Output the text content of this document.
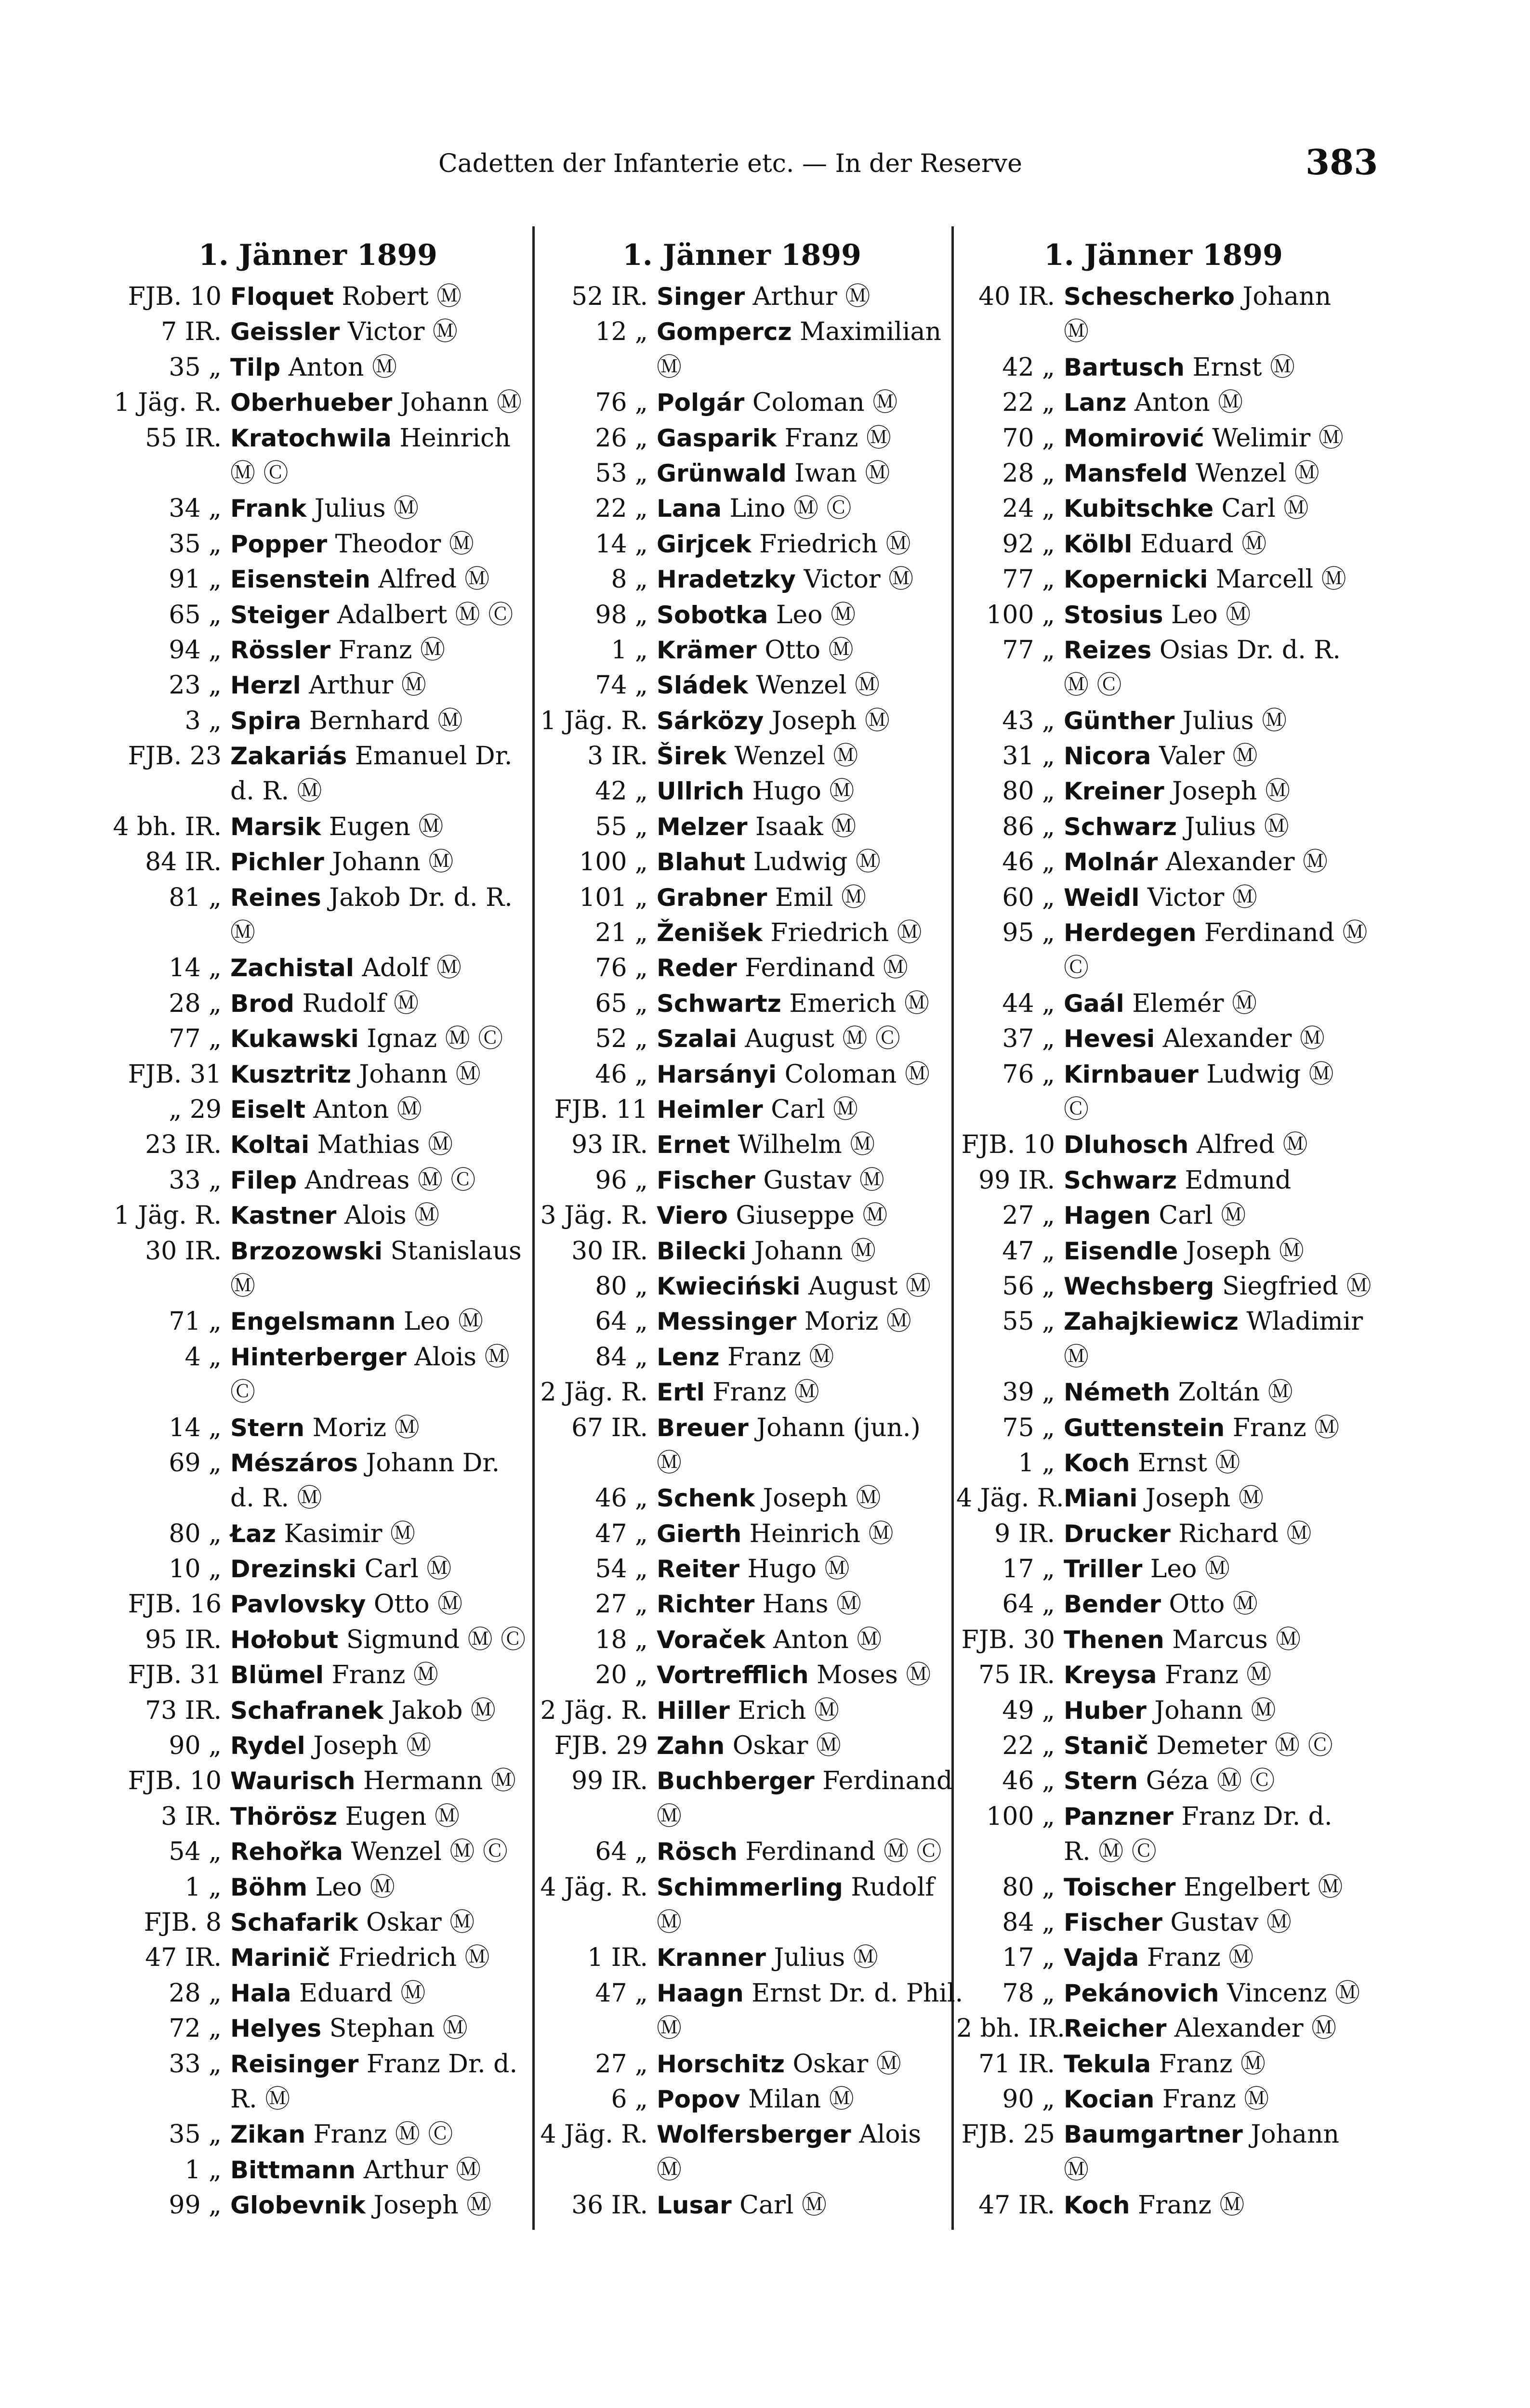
Cadetten der Infanterie etc. — In der Reserve	383
1. Jänner 1899
FJB. 10 Floquet Robert Ⓜ
7 IR. Geissler Victor Ⓜ
35 „ Tilp Anton Ⓜ
1 Jäg. R. Oberhueber Johann Ⓜ
55 IR. Kratochwila Heinrich
Ⓜ Ⓒ
34 „ Frank Julius Ⓜ
35 „ Popper Theodor Ⓜ
91 „ Eisenstein Alfred Ⓜ
65 „ Steiger Adalbert Ⓜ Ⓒ
94 „ Rössler Franz Ⓜ
23 „ Herzl Arthur Ⓜ
3 „ Spira Bernhard Ⓜ
FJB. 23 Zakariás Emanuel Dr.
d. R. Ⓜ
4 bh. IR. Marsik Eugen Ⓜ
84 IR. Pichler Johann Ⓜ
81 „ Reines Jakob Dr. d. R.
Ⓜ
14 „ Zachistal Adolf Ⓜ
28 „ Brod Rudolf Ⓜ
77 „ Kukawski Ignaz Ⓜ Ⓒ
FJB. 31 Kusztritz Johann Ⓜ
„ 29 Eiselt Anton Ⓜ
23 IR. Koltai Mathias Ⓜ
33 „ Filep Andreas Ⓜ Ⓒ
1 Jäg. R. Kastner Alois Ⓜ
30 IR. Brzozowski Stanislaus
Ⓜ
71 „ Engelsmann Leo Ⓜ
4 „ Hinterberger Alois Ⓜ
Ⓒ
14 „ Stern Moriz Ⓜ
69 „ Mészáros Johann Dr.
d. R. Ⓜ
80 „ Łaz Kasimir Ⓜ
10 „ Drezinski Carl Ⓜ
FJB. 16 Pavlovsky Otto Ⓜ
95 IR. Hołobut Sigmund Ⓜ Ⓒ
FJB. 31 Blümel Franz Ⓜ
73 IR. Schafranek Jakob Ⓜ
90 „ Rydel Joseph Ⓜ
FJB. 10 Waurisch Hermann Ⓜ
3 IR. Thörösz Eugen Ⓜ
54 „ Rehořka Wenzel Ⓜ Ⓒ
1 „ Böhm Leo Ⓜ
FJB. 8 Schafarik Oskar Ⓜ
47 IR. Marinič Friedrich Ⓜ
28 „ Hala Eduard Ⓜ
72 „ Helyes Stephan Ⓜ
33 „ Reisinger Franz Dr. d.
R. Ⓜ
35 „ Zikan Franz Ⓜ Ⓒ
1 „ Bittmann Arthur Ⓜ
99 „ Globevnik Joseph Ⓜ
1. Jänner 1899
52 IR. Singer Arthur Ⓜ
12 „ Gompercz Maximilian
Ⓜ
76 „ Polgár Coloman Ⓜ
26 „ Gasparik Franz Ⓜ
53 „ Grünwald Iwan Ⓜ
22 „ Lana Lino Ⓜ Ⓒ
14 „ Girjcek Friedrich Ⓜ
8 „ Hradetzky Victor Ⓜ
98 „ Sobotka Leo Ⓜ
1 „ Krämer Otto Ⓜ
74 „ Sládek Wenzel Ⓜ
1 Jäg. R. Sárközy Joseph Ⓜ
3 IR. Širek Wenzel Ⓜ
42 „ Ullrich Hugo Ⓜ
55 „ Melzer Isaak Ⓜ
100 „ Blahut Ludwig Ⓜ
101 „ Grabner Emil Ⓜ
21 „ Ženišek Friedrich Ⓜ
76 „ Reder Ferdinand Ⓜ
65 „ Schwartz Emerich Ⓜ
52 „ Szalai August Ⓜ Ⓒ
46 „ Harsányi Coloman Ⓜ
FJB. 11 Heimler Carl Ⓜ
93 IR. Ernet Wilhelm Ⓜ
96 „ Fischer Gustav Ⓜ
3 Jäg. R. Viero Giuseppe Ⓜ
30 IR. Bilecki Johann Ⓜ
80 „ Kwieciński August Ⓜ
64 „ Messinger Moriz Ⓜ
84 „ Lenz Franz Ⓜ
2 Jäg. R. Ertl Franz Ⓜ
67 IR. Breuer Johann (jun.)
Ⓜ
46 „ Schenk Joseph Ⓜ
47 „ Gierth Heinrich Ⓜ
54 „ Reiter Hugo Ⓜ
27 „ Richter Hans Ⓜ
18 „ Voraček Anton Ⓜ
20 „ Vortrefflich Moses Ⓜ
2 Jäg. R. Hiller Erich Ⓜ
FJB. 29 Zahn Oskar Ⓜ
99 IR. Buchberger Ferdinand
Ⓜ
64 „ Rösch Ferdinand Ⓜ Ⓒ
4 Jäg. R. Schimmerling Rudolf
Ⓜ
1 IR. Kranner Julius Ⓜ
47 „ Haagn Ernst Dr. d. Phil.
Ⓜ
27 „ Horschitz Oskar Ⓜ
6 „ Popov Milan Ⓜ
4 Jäg. R. Wolfersberger Alois
Ⓜ
36 IR. Lusar Carl Ⓜ
1. Jänner 1899
40 IR. Schescherko Johann
Ⓜ
42 „ Bartusch Ernst Ⓜ
22 „ Lanz Anton Ⓜ
70 „ Momirović Welimir Ⓜ
28 „ Mansfeld Wenzel Ⓜ
24 „ Kubitschke Carl Ⓜ
92 „ Kölbl Eduard Ⓜ
77 „ Kopernicki Marcell Ⓜ
100 „ Stosius Leo Ⓜ
77 „ Reizes Osias Dr. d. R.
Ⓜ Ⓒ
43 „ Günther Julius Ⓜ
31 „ Nicora Valer Ⓜ
80 „ Kreiner Joseph Ⓜ
86 „ Schwarz Julius Ⓜ
46 „ Molnár Alexander Ⓜ
60 „ Weidl Victor Ⓜ
95 „ Herdegen Ferdinand Ⓜ
Ⓒ
44 „ Gaál Elemér Ⓜ
37 „ Hevesi Alexander Ⓜ
76 „ Kirnbauer Ludwig Ⓜ
Ⓒ
FJB. 10 Dluhosch Alfred Ⓜ
99 IR. Schwarz Edmund
27 „ Hagen Carl Ⓜ
47 „ Eisendle Joseph Ⓜ
56 „ Wechsberg Siegfried Ⓜ
55 „ Zahajkiewicz Wladimir
Ⓜ
39 „ Németh Zoltán Ⓜ
75 „ Guttenstein Franz Ⓜ
1 „ Koch Ernst Ⓜ
4 Jäg. R. Miani Joseph Ⓜ
9 IR. Drucker Richard Ⓜ
17 „ Triller Leo Ⓜ
64 „ Bender Otto Ⓜ
FJB. 30 Thenen Marcus Ⓜ
75 IR. Kreysa Franz Ⓜ
49 „ Huber Johann Ⓜ
22 „ Stanič Demeter Ⓜ Ⓒ
46 „ Stern Géza Ⓜ Ⓒ
100 „ Panzner Franz Dr. d.
R. Ⓜ Ⓒ
80 „ Toischer Engelbert Ⓜ
84 „ Fischer Gustav Ⓜ
17 „ Vajda Franz Ⓜ
78 „ Pekánovich Vincenz Ⓜ
2 bh. IR.
Reicher Alexander Ⓜ
71 IR. Tekula Franz Ⓜ
90 „ Kocian Franz Ⓜ
FJB. 25 Baumgartner Johann
Ⓜ
47 IR. Koch Franz Ⓜ
